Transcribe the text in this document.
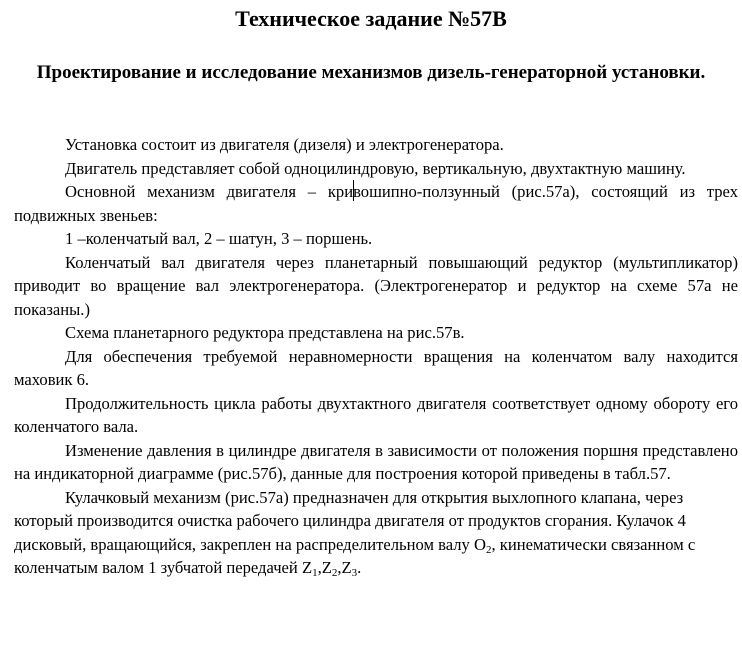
Техническое задание №57В
Проектирование и исследование механизмов дизель-генераторной установки.

Установка состоит из двигателя (дизеля) и электрогенератора.

Двигатель представляет собой одноцилиндровую, вертикальную, двухтактную машину.

Основной механизм двигателя – кривошипно-ползунный (рис.57а), состоящий из трех подвижных звеньев:

1 –коленчатый вал, 2 – шатун, 3 – поршень.

Коленчатый вал двигателя через планетарный повышающий редуктор (мультипликатор) приводит во вращение вал электрогенератора. (Электрогенератор и редуктор на схеме 57а не показаны.)

Схема планетарного редуктора представлена на рис.57в.

Для обеспечения требуемой неравномерности вращения на коленчатом валу находится маховик 6.

Продолжительность цикла работы двухтактного двигателя соответствует одному обороту его коленчатого вала.

Изменение давления в цилиндре двигателя в зависимости от положения поршня представлено на индикаторной диаграмме (рис.57б), данные для построения которой приведены в табл.57.

Кулачковый механизм (рис.57а) предназначен для открытия выхлопного клапана, через который производится очистка рабочего цилиндра двигателя от продуктов сгорания. Кулачок 4 дисковый, вращающийся, закреплен на распределительном валу $O_2$, кинематически связанном с коленчатым валом 1 зубчатой передачей $Z_1,Z_2,Z_3$.
